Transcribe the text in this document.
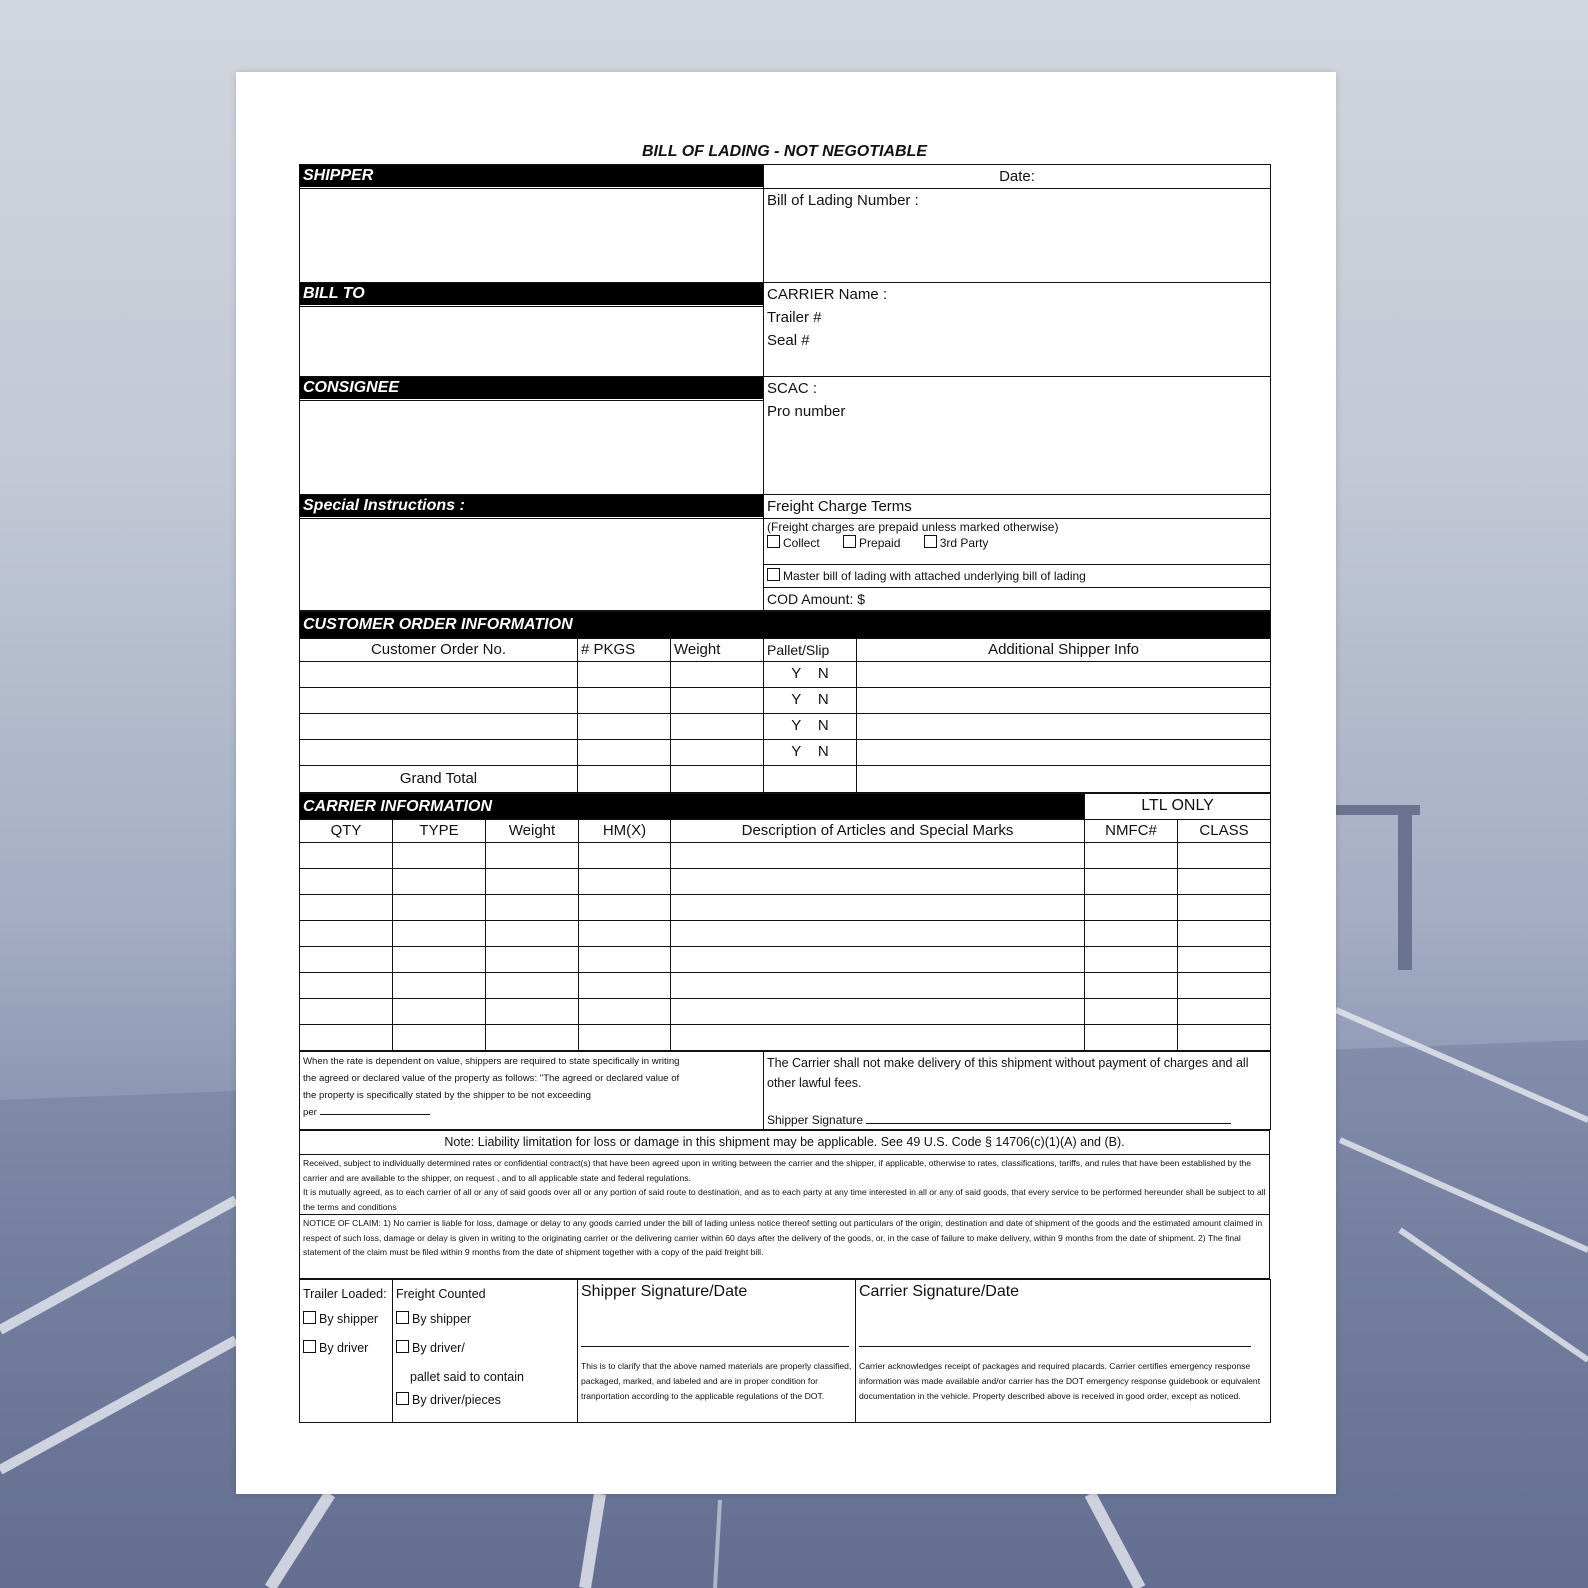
BILL OF LADING - NOT NEGOTIABLE
SHIPPER	Date:
	Bill of Lading Number :

BILL TO	CARRIER Name :
Trailer #
Seal #

CONSIGNEE	SCAC :
Pro number

Special Instructions :	Freight Charge Terms

	(Freight charges are prepaid unless marked otherwise)
Collect Prepaid 3rd Party

	Master bill of lading with attached underlying bill of lading
	COD Amount: $
CUSTOMER ORDER INFORMATION				

Customer Order No.	# PKGS	Weight	Pallet/Slip	Additional Shipper Info
			Y N	
			Y N	
			Y N	
			Y N	
Grand Total				
CARRIER INFORMATION					LTL ONLY	
QTY	TYPE	Weight	HM(X)	Description of Articles and Special Marks	NMFC#	CLASS

When the rate is dependent on value, shippers are required to state specifically in writing
the agreed or declared value of the property as follows: "The agreed or declared value of
the property is specifically stated by the shipper to be not exceeding
per

The Carrier shall not make delivery of this shipment without payment of charges and all other lawful fees.
Shipper Signature
Note: Liability limitation for loss or damage in this shipment may be applicable. See 49 U.S. Code § 14706(c)(1)(A) and (B).

Received, subject to individually determined rates or confidential contract(s) that have been agreed upon in writing between the carrier and the shipper, if applicable, otherwise to rates, classifications, tariffs, and rules that have been established by the carrier and are available to the shipper, on request , and to all applicable state and federal regulations.
It is mutually agreed, as to each carrier of all or any of said goods over all or any portion of said route to destination, and as to each party at any time interested in all or any of said goods, that every service to be performed hereunder shall be subject to all the terms and conditions

NOTICE OF CLAIM: 1) No carrier is liable for loss, damage or delay to any goods carried under the bill of lading unless notice thereof setting out particulars of the origin, destination and date of shipment of the goods and the estimated amount claimed in respect of such loss, damage or delay is given in writing to the originating carrier or the delivering carrier within 60 days after the delivery of the goods, or, in the case of failure to make delivery, within 9 months from the date of shipment. 2) The final statement of the claim must be filed within 9 months from the date of shipment together with a copy of the paid freight bill.
Trailer Loaded:
By shipper
By driver

Freight Counted
By shipper
By driver/
pallet said to contain
By driver/pieces

Shipper Signature/Date
This is to clarify that the above named materials are properly classified, packaged, marked, and labeled and are in proper condition for tranportation according to the applicable regulations of the DOT.

Carrier Signature/Date
Carrier acknowledges receipt of packages and required placards. Carrier certifies emergency response information was made available and/or carrier has the DOT emergency response guidebook or equivalent documentation in the vehicle. Property described above is received in good order, except as noticed.
